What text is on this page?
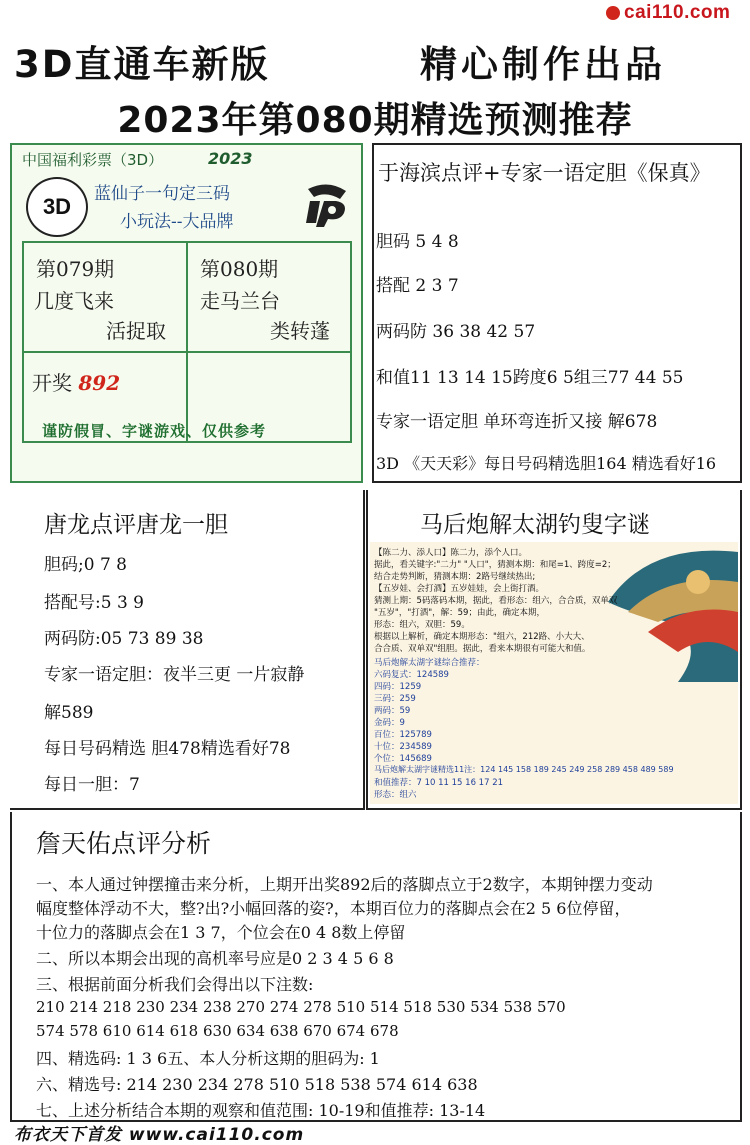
cai110.com
3D直通车新版	精心制作出品
2023年第080期精选预测推荐
中国福利彩票（3D）	2023
3D	蓝仙子一句定三码
小玩法--大品牌
第079期
几度飞来
活捉取
第080期
走马兰台
类转蓬
开奖 892
谨防假冒、字谜游戏、仅供参考
于海滨点评+专家一语定胆《保真》
胆码 5 4 8
搭配 2 3 7
两码防 36 38 42 57
和值11 13 14 15跨度6 5组三77 44 55
专家一语定胆 单环弯连折又接 解678
3D 《天天彩》每日号码精选胆164 精选看好16
唐龙点评唐龙一胆
胆码;0 7 8
搭配号:5 3 9
两码防:05 73 89 38
专家一语定胆：夜半三更 一片寂静
解589
每日号码精选 胆478精选看好78
每日一胆：7
马后炮解太湖钓叟字谜
【陈二力、添人口】陈二力，添个人口。
据此，看关键字:"二力" "人口"，猜测本期：和尾=1、跨度=2；
结合走势判断，猜测本期：2路号继续热出;
【五岁娃、会打酒】五岁娃娃，会上街打酒。
猜测上期：5码落码本期，据此，看形态：组六，合合质，双单双
"五岁"，"打酒"，解：59；由此，确定本期，
形态：组六，双胆：59。
根据以上解析，确定本期形态："组六，212路、小大大、
合合质、双单双"组胆。据此，看来本期很有可能大和值。
马后炮解太湖字谜综合推荐：
六码复式：124589
四码：1259
三码：259
两码：59
金码：9
百位：125789
十位：234589
个位：145689
马后炮解太湖字谜精选11注：124 145 158 189 245 249 258 289 458 489 589
和值推荐：7 10 11 15 16 17 21
形态：组六
詹天佑点评分析
一、本人通过钟摆撞击来分析，上期开出奖892后的落脚点立于2数字，本期钟摆力变动
幅度整体浮动不大，整?出?小幅回落的姿?，本期百位力的落脚点会在2 5 6位停留，
十位力的落脚点会在1 3 7，个位会在0 4 8数上停留
二、所以本期会出现的高机率号应是0 2 3 4 5 6 8
三、根据前面分析我们会得出以下注数:
210 214 218 230 234 238 270 274 278 510 514 518 530 534 538 570
574 578 610 614 618 630 634 638 670 674 678
四、精选码: 1 3 6五、本人分析这期的胆码为: 1
六、精选号: 214 230 234 278 510 518 538 574 614 638
七、上述分析结合本期的观察和值范围: 10-19和值推荐: 13-14
布衣天下首发 www.cai110.com
